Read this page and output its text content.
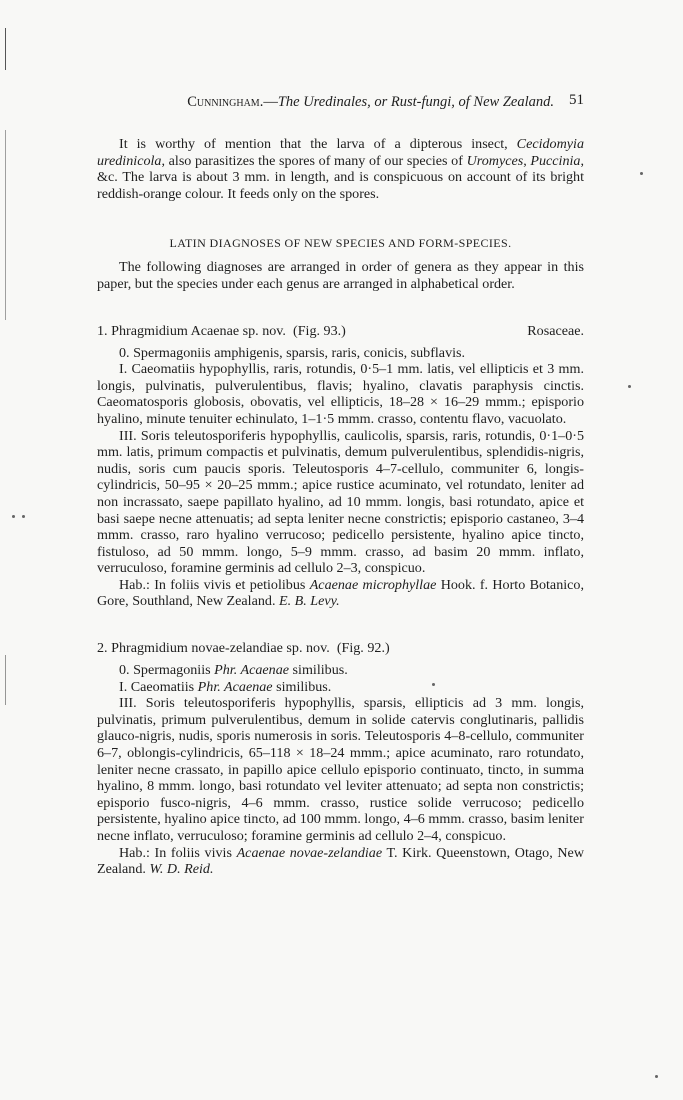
Cunningham.—The Uredinales, or Rust-fungi, of New Zealand. 51

It is worthy of mention that the larva of a dipterous insect, Cecidomyia uredinicola, also parasitizes the spores of many of our species of Uromyces, Puccinia, &c. The larva is about 3 mm. in length, and is conspicuous on account of its bright reddish-orange colour. It feeds only on the spores.

LATIN DIAGNOSES OF NEW SPECIES AND FORM-SPECIES.

The following diagnoses are arranged in order of genera as they appear in this paper, but the species under each genus are arranged in alphabetical order.

1. Phragmidium Acaenae sp. nov. (Fig. 93.)	Rosaceae.

0. Spermagoniis amphigenis, sparsis, raris, conicis, subflavis.

I. Caeomatiis hypophyllis, raris, rotundis, 0·5–1 mm. latis, vel ellipticis et 3 mm. longis, pulvinatis, pulverulentibus, flavis; hyalino, clavatis paraphysis cinctis. Caeomatosporis globosis, obovatis, vel ellipticis, 18–28 × 16–29 mmm.; episporio hyalino, minute tenuiter echinulato, 1–1·5 mmm. crasso, contentu flavo, vacuolato.

III. Soris teleutosporiferis hypophyllis, caulicolis, sparsis, raris, rotundis, 0·1–0·5 mm. latis, primum compactis et pulvinatis, demum pulverulentibus, splendidis-nigris, nudis, soris cum paucis sporis. Teleutosporis 4–7-cellulo, communiter 6, longis-cylindricis, 50–95 × 20–25 mmm.; apice rustice acuminato, vel rotundato, leniter ad non incrassato, saepe papillato hyalino, ad 10 mmm. longis, basi rotundato, apice et basi saepe necne attenuatis; ad septa leniter necne constrictis; episporio castaneo, 3–4 mmm. crasso, raro hyalino verrucoso; pedicello persistente, hyalino apice tincto, fistuloso, ad 50 mmm. longo, 5–9 mmm. crasso, ad basim 20 mmm. inflato, verruculoso, foramine germinis ad cellulo 2–3, conspicuo.

Hab.: In foliis vivis et petiolibus Acaenae microphyllae Hook. f. Horto Botanico, Gore, Southland, New Zealand. E. B. Levy.

2. Phragmidium novae-zelandiae sp. nov. (Fig. 92.)

0. Spermagoniis Phr. Acaenae similibus.

I. Caeomatiis Phr. Acaenae similibus.

III. Soris teleutosporiferis hypophyllis, sparsis, ellipticis ad 3 mm. longis, pulvinatis, primum pulverulentibus, demum in solide catervis conglutinaris, pallidis glauco-nigris, nudis, sporis numerosis in soris. Teleutosporis 4–8-cellulo, communiter 6–7, oblongis-cylindricis, 65–118 × 18–24 mmm.; apice acuminato, raro rotundato, leniter necne crassato, in papillo apice cellulo episporio continuato, tincto, in summa hyalino, 8 mmm. longo, basi rotundato vel leviter attenuato; ad septa non constrictis; episporio fusco-nigris, 4–6 mmm. crasso, rustice solide verrucoso; pedicello persistente, hyalino apice tincto, ad 100 mmm. longo, 4–6 mmm. crasso, basim leniter necne inflato, verruculoso; foramine germinis ad cellulo 2–4, conspicuo.

Hab.: In foliis vivis Acaenae novae-zelandiae T. Kirk. Queenstown, Otago, New Zealand. W. D. Reid.
